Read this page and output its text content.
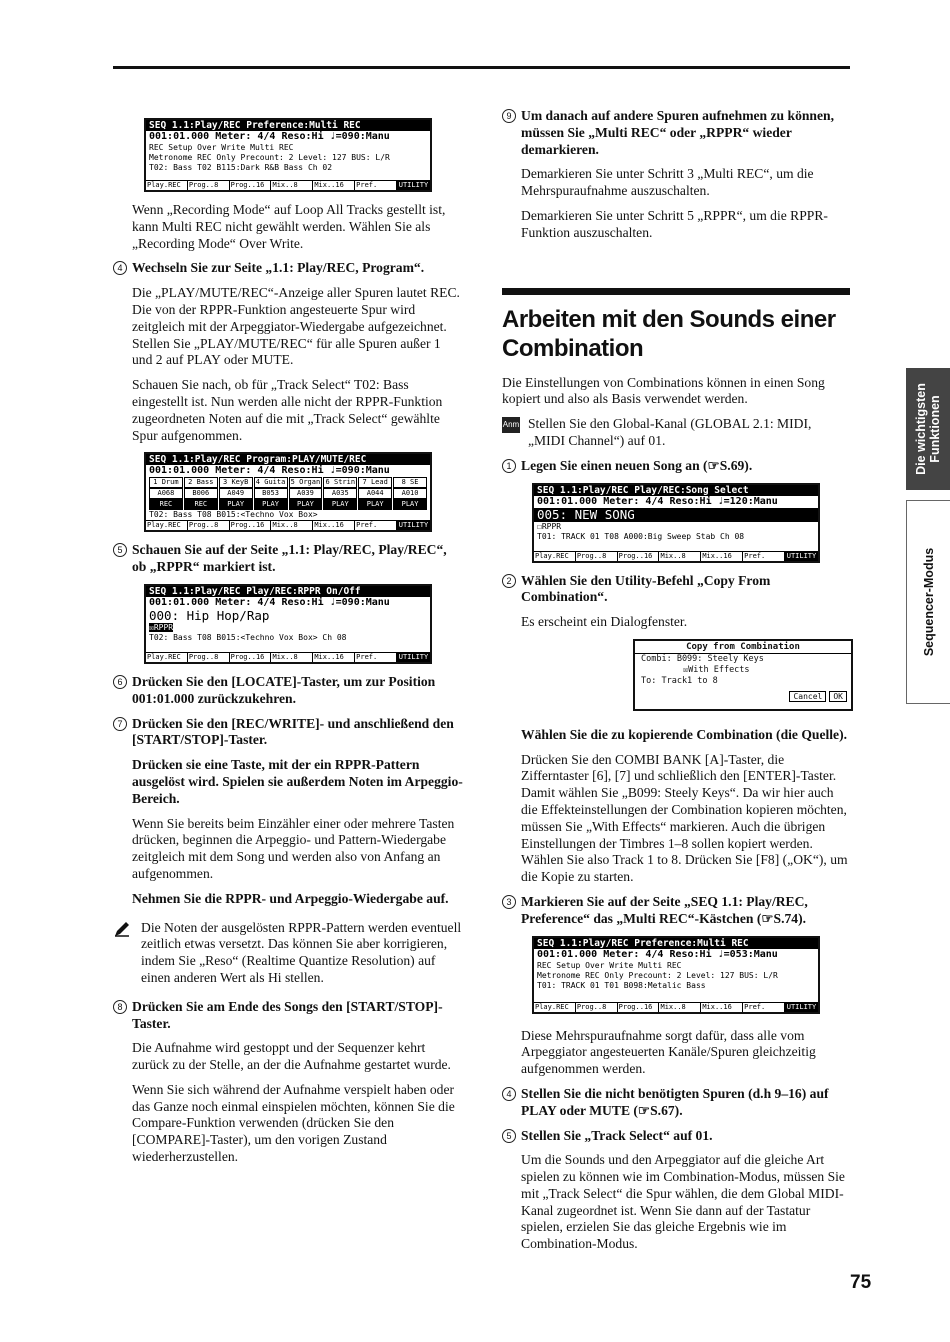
SEQ 1.1:Play/REC Preference:Multi REC
001:01.000 Meter: 4/4 Reso:Hi ♩=090:Manu
REC Setup Over Write Multi REC
Metronome REC Only Precount: 2 Level: 127 BUS: L/R
T02: Bass T02 B115:Dark R&B Bass Ch 02
Play.REC	Prog..8	Prog..16	Mix..8	Mix..16	Pref.	UTILITY

Wenn „Recording Mode“ auf Loop All Tracks gestellt ist, kann Multi REC nicht gewählt werden. Wählen Sie als „Recording Mode“ Over Write.

4 Wechseln Sie zur Seite „1.1: Play/REC, Program“.

Die „PLAY/MUTE/REC“-Anzeige aller Spuren lautet REC.

Die von der RPPR-Funktion angesteuerte Spur wird zeitgleich mit der Arpeggiator-Wiedergabe aufgezeichnet. Stellen Sie „PLAY/MUTE/REC“ für alle Spuren außer 1 und 2 auf PLAY oder MUTE.

Schauen Sie nach, ob für „Track Select“ T02: Bass eingestellt ist. Nun werden alle nicht der RPPR-Funktion zugeordneten Noten auf die mit „Track Select“ gewählte Spur aufgenommen.

SEQ 1.1:Play/REC Program:PLAY/MUTE/REC
001:01.000 Meter: 4/4 Reso:Hi ♩=090:Manu
1 Drum	2 Bass	3 KeyB	4 Guita 5 Organ 6 Strin	7 Lead	8 SE
A068	B006	A049	B053	A039	A035	A044	A010
REC	REC	PLAY	PLAY	PLAY	PLAY	PLAY	PLAY
T02: Bass T08 B015:<Techno Vox Box>
Play.REC	Prog..8	Prog..16	Mix..8	Mix..16	Pref.	UTILITY
5 Schauen Sie auf der Seite „1.1: Play/REC, Play/REC“, ob „RPPR“ markiert ist.
SEQ 1.1:Play/REC Play/REC:RPPR On/Off
001:01.000 Meter: 4/4 Reso:Hi ♩=090:Manu
000: Hip Hop/Rap
☒RPPR
T02: Bass T08 B015:<Techno Vox Box> Ch 08
Play.REC	Prog..8	Prog..16	Mix..8	Mix..16	Pref.	UTILITY
6 Drücken Sie den [LOCATE]-Taster, um zur Position 001:01.000 zurückzukehren.
7 Drücken Sie den [REC/WRITE]- und anschließend den [START/STOP]-Taster.

Drücken sie eine Taste, mit der ein RPPR-Pattern ausgelöst wird. Spielen sie außerdem Noten im Arpeggio-Bereich.

Wenn Sie bereits beim Einzähler einer oder mehrere Tasten drücken, beginnen die Arpeggio- und Pattern-Wiedergabe zeitgleich mit dem Song und werden also von Anfang an aufgenommen.

Nehmen Sie die RPPR- und Arpeggio-Wiedergabe auf.

Die Noten der ausgelösten RPPR-Pattern werden eventuell zeitlich etwas versetzt. Das können Sie aber korrigieren, indem Sie „Reso“ (Realtime Quantize Resolution) auf einen anderen Wert als Hi stellen.
8 Drücken Sie am Ende des Songs den [START/STOP]-Taster.

Die Aufnahme wird gestoppt und der Sequenzer kehrt zurück zu der Stelle, an der die Aufnahme gestartet wurde.

Wenn Sie sich während der Aufnahme verspielt haben oder das Ganze noch einmal einspielen möchten, können Sie die Compare-Funktion verwenden (drücken Sie den [COMPARE]-Taster), um den vorigen Zustand wiederherzustellen.

9 Um danach auf andere Spuren aufnehmen zu können, müssen Sie „Multi REC“ oder „RPPR“ wieder demarkieren.

Demarkieren Sie unter Schritt 3 „Multi REC“, um die Mehrspuraufnahme auszuschalten.

Demarkieren Sie unter Schritt 5 „RPPR“, um die RPPR-Funktion auszuschalten.

Arbeiten mit den Sounds einer Combination

Die Einstellungen von Combinations können in einen Song kopiert und also als Basis verwendet werden.

Anm Stellen Sie den Global-Kanal (GLOBAL 2.1: MIDI, „MIDI Channel“) auf 01.
1 Legen Sie einen neuen Song an (☞S.69).
SEQ 1.1:Play/REC Play/REC:Song Select
001:01.000 Meter: 4/4 Reso:Hi ♩=120:Manu
005: NEW SONG
☐RPPR
T01: TRACK 01 T08 A000:Big Sweep Stab Ch 08
Play.REC	Prog..8	Prog..16	Mix..8	Mix..16	Pref.	UTILITY
2 Wählen Sie den Utility-Befehl „Copy From Combination“.

Es erscheint ein Dialogfenster.

Copy from Combination
Combi: B099: Steely Keys
☒With Effects
To: Track1 to 8
Cancel OK

Wählen Sie die zu kopierende Combination (die Quelle).

Drücken Sie den COMBI BANK [A]-Taster, die Zifferntaster [6], [7] und schließlich den [ENTER]-Taster. Damit wählen Sie „B099: Steely Keys“. Da wir hier auch die Effekteinstellungen der Combination kopieren möchten, müssen Sie „With Effects“ markieren. Auch die übrigen Einstellungen der Timbres 1–8 sollen kopiert werden. Wählen Sie also Track 1 to 8. Drücken Sie [F8] („OK“), um die Kopie zu starten.

3 Markieren Sie auf der Seite „SEQ 1.1: Play/REC, Preference“ das „Multi REC“-Kästchen (☞S.74).
SEQ 1.1:Play/REC Preference:Multi REC
001:01.000 Meter: 4/4 Reso:Hi ♩=053:Manu
REC Setup Over Write Multi REC
Metronome REC Only Precount: 2 Level: 127 BUS: L/R
T01: TRACK 01 T01 B098:Metalic Bass
Play.REC	Prog..8	Prog..16	Mix..8	Mix..16	Pref.	UTILITY

Diese Mehrspuraufnahme sorgt dafür, dass alle vom Arpeggiator angesteuerten Kanäle/Spuren gleichzeitig aufgenommen werden.

4 Stellen Sie die nicht benötigten Spuren (d.h 9–16) auf PLAY oder MUTE (☞S.67).
5 Stellen Sie „Track Select“ auf 01.

Um die Sounds und den Arpeggiator auf die gleiche Art spielen zu können wie im Combination-Modus, müssen Sie mit „Track Select“ die Spur wählen, die dem Global MIDI-Kanal zugeordnet ist. Wenn Sie dann auf der Tastatur spielen, erzielen Sie das gleiche Ergebnis wie im Combination-Modus.

Die wichtigsten Funktionen
Sequencer-Modus
75
